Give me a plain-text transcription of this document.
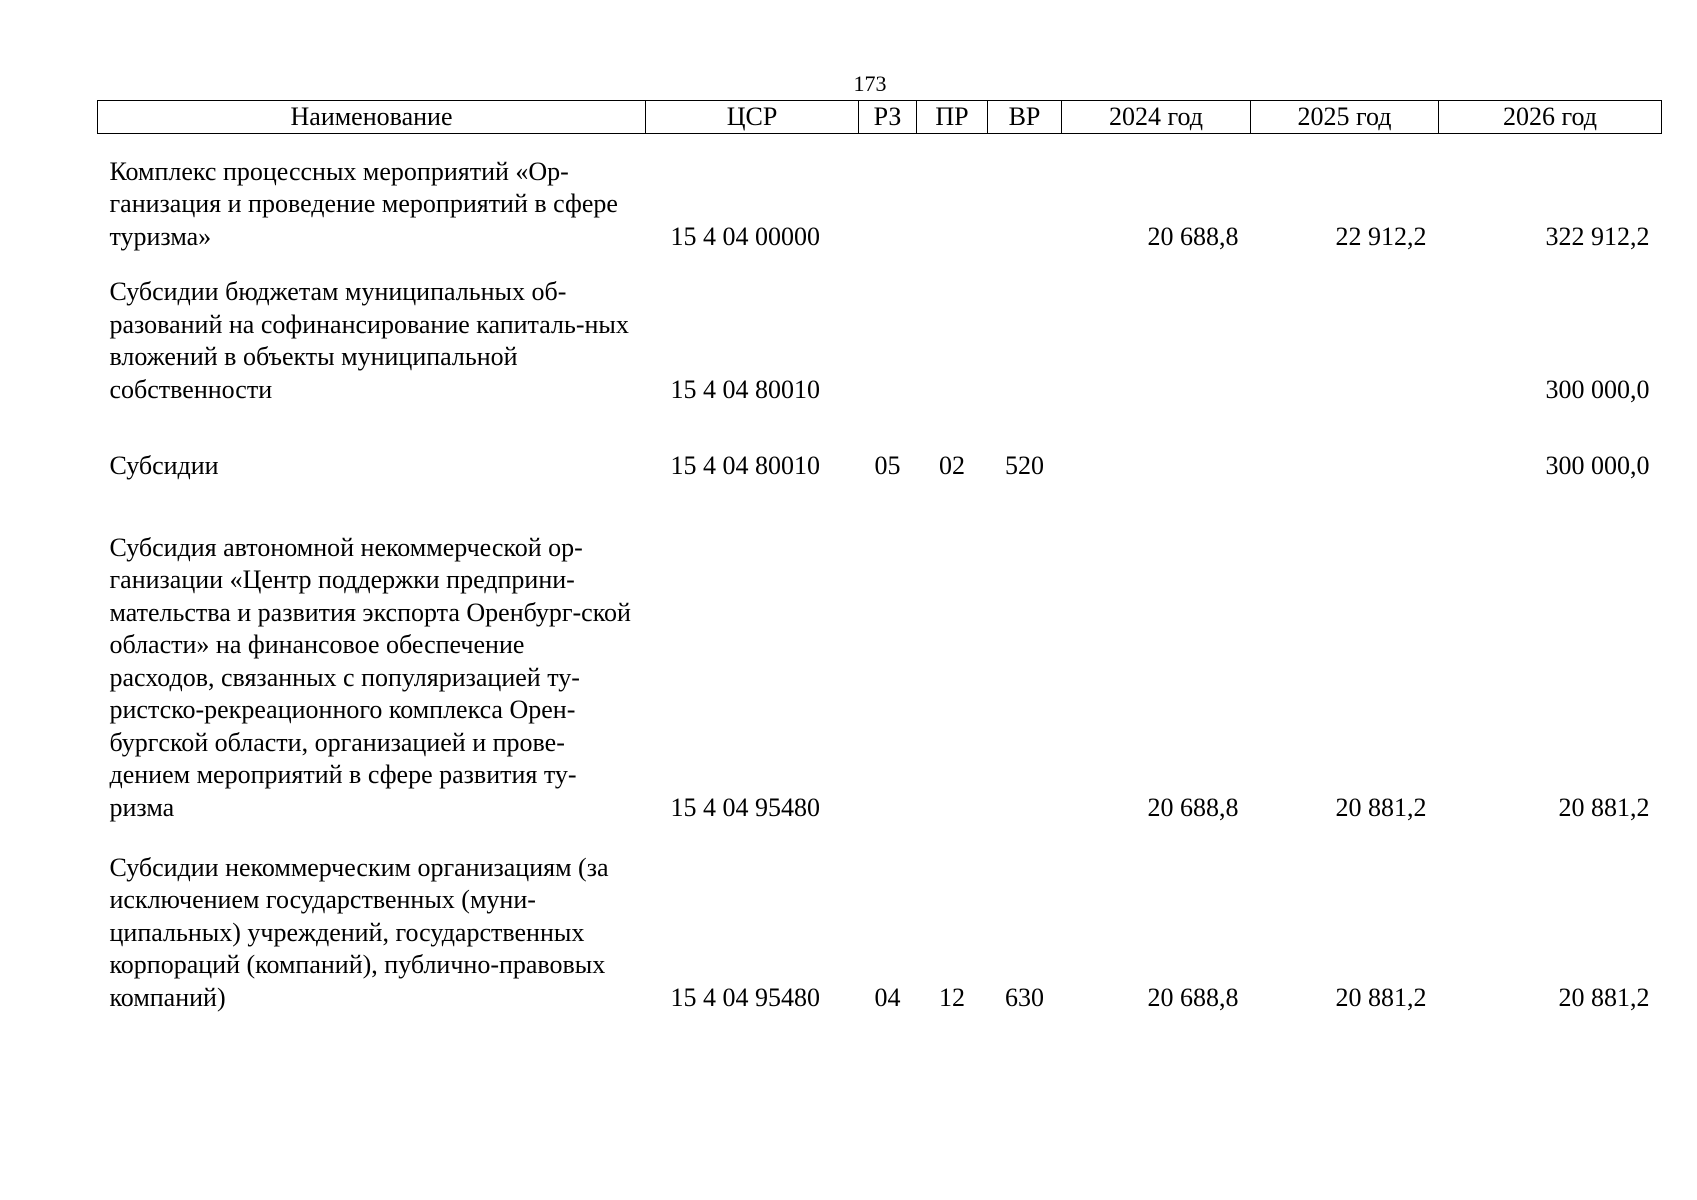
173
Наименование	ЦСР	РЗ	ПР	ВР	2024 год	2025 год	2026 год

Комплекс процессных мероприятий «Ор-ганизация и проведение мероприятий в сфере туризма»	15 4 04 00000				20 688,8	22 912,2	322 912,2
Субсидии бюджетам муниципальных об-разований на софинансирование капиталь-ных вложений в объекты муниципальной собственности	15 4 04 80010						300 000,0
Субсидии	15 4 04 80010	05	02	520			300 000,0
Субсидия автономной некоммерческой ор-ганизации «Центр поддержки предприни-мательства и развития экспорта Оренбург-ской области» на финансовое обеспечение расходов, связанных с популяризацией ту-ристско-рекреационного комплекса Орен-бургской области, организацией и прове-дением мероприятий в сфере развития ту-ризма	15 4 04 95480				20 688,8	20 881,2	20 881,2
Субсидии некоммерческим организациям (за исключением государственных (муни-ципальных) учреждений, государственных корпораций (компаний), публично-правовых компаний)	15 4 04 95480	04	12	630	20 688,8	20 881,2	20 881,2
